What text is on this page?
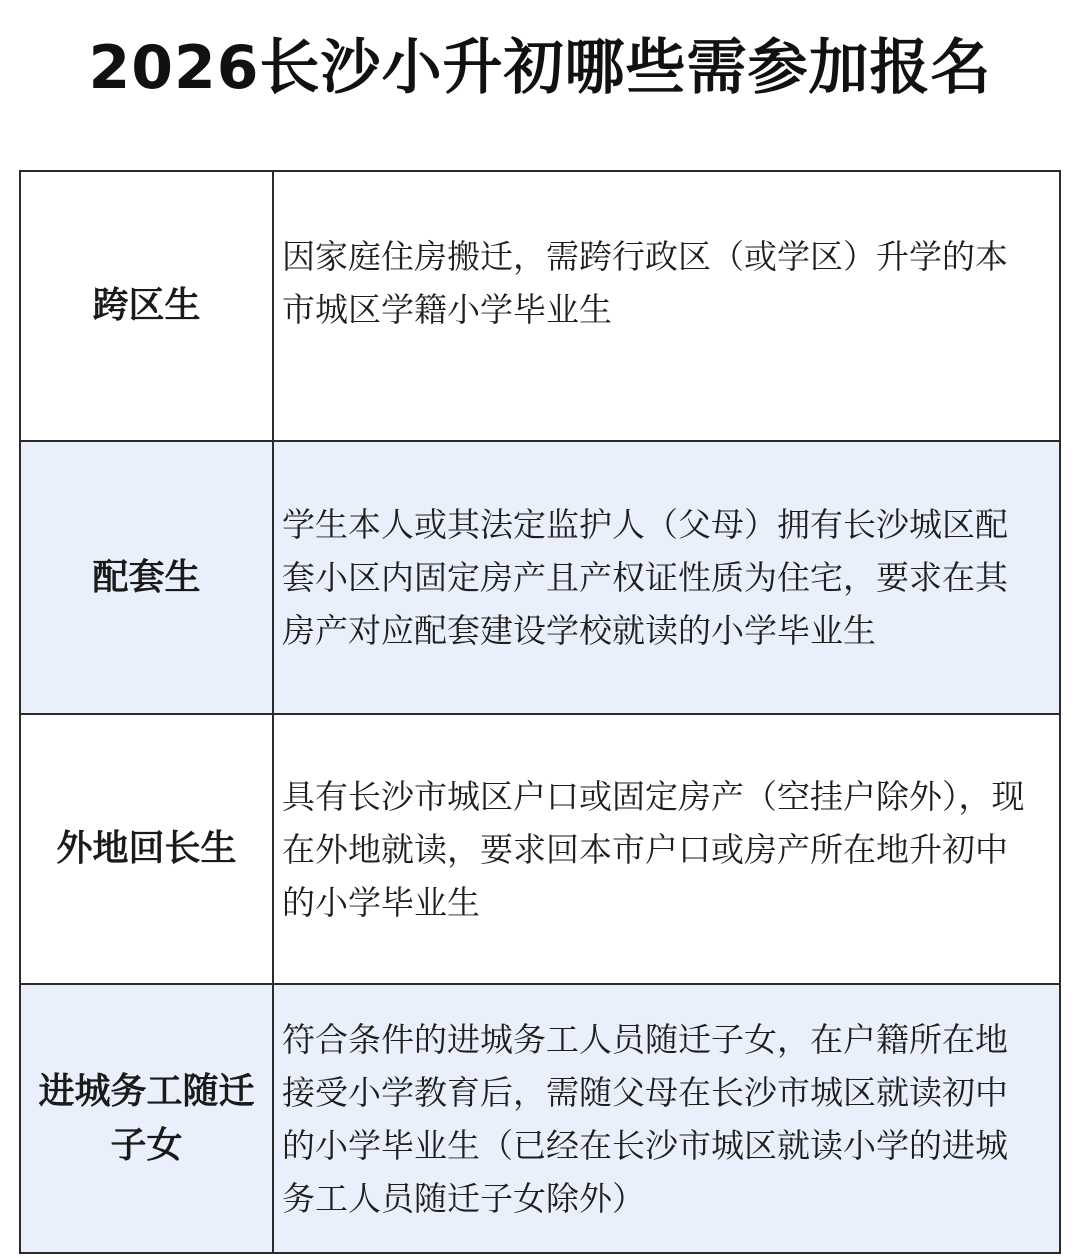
2026长沙小升初哪些需参加报名
跨区生
因家庭住房搬迁，需跨行政区（或学区）升学的本市城区学籍小学毕业生
配套生
学生本人或其法定监护人（父母）拥有长沙城区配套小区内固定房产且产权证性质为住宅，要求在其房产对应配套建设学校就读的小学毕业生
外地回长生
具有长沙市城区户口或固定房产（空挂户除外），现在外地就读，要求回本市户口或房产所在地升初中的小学毕业生
进城务工随迁子女
符合条件的进城务工人员随迁子女，在户籍所在地接受小学教育后，需随父母在长沙市城区就读初中的小学毕业生（已经在长沙市城区就读小学的进城务工人员随迁子女除外）
